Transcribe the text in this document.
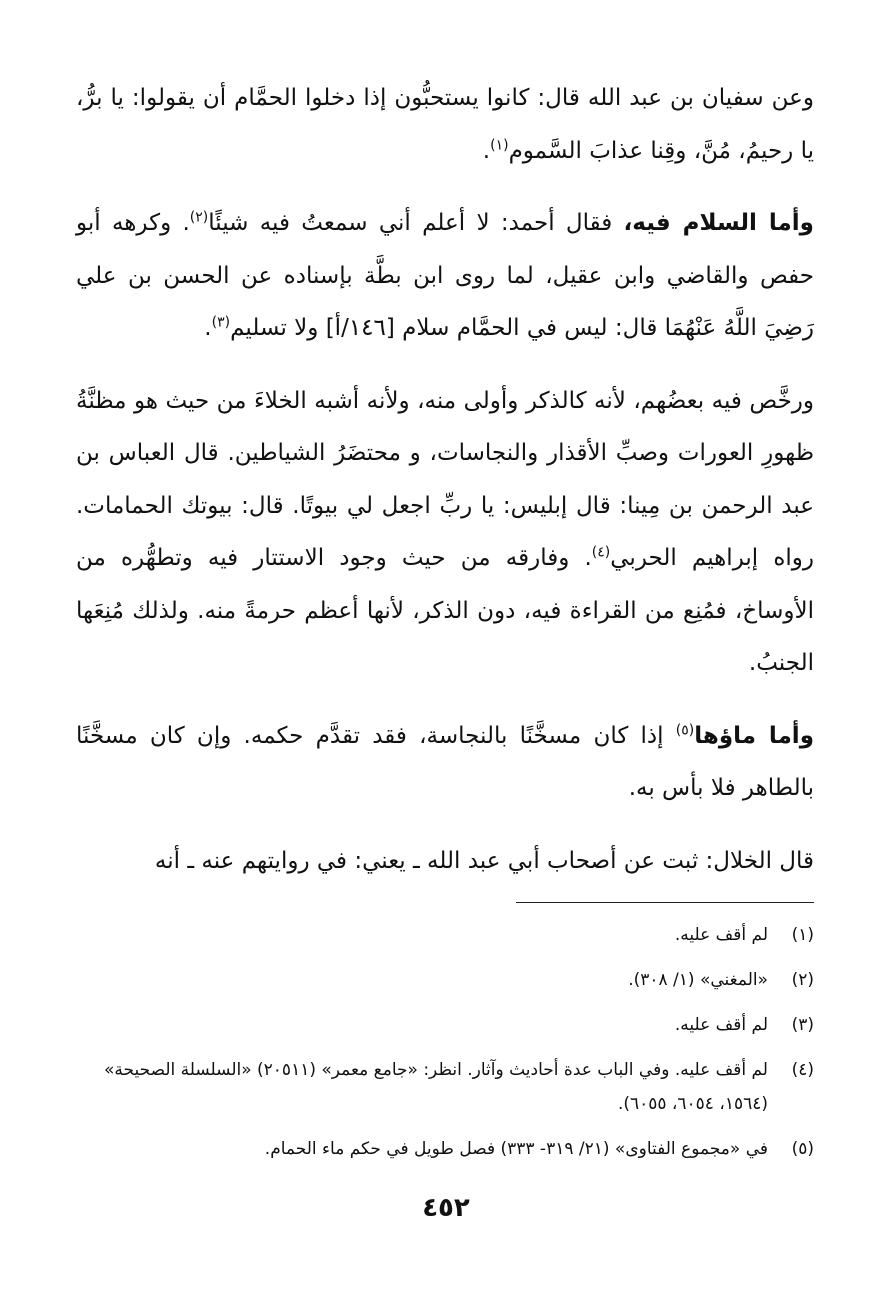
وعن سفيان بن عبد الله قال: كانوا يستحبُّون إذا دخلوا الحمَّام أن يقولوا: يا برُّ، يا رحيمُ، مُنَّ، وقِنا عذابَ السَّموم$^{(١)}$.

وأما السلام فيه، فقال أحمد: لا أعلم أني سمعتُ فيه شيئًا$^{(٢)}$. وكرهه أبو حفص والقاضي وابن عقيل، لما روى ابن بطَّة بإسناده عن الحسن بن علي رَضِيَ اللَّهُ عَنْهُمَا قال: ليس في الحمَّام سلام [١٤٦/أ] ولا تسليم$^{(٣)}$.

ورخَّص فيه بعضُهم، لأنه كالذكر وأولى منه، ولأنه أشبه الخلاءَ من حيث هو مظنَّةُ ظهورِ العورات وصبِّ الأقذار والنجاسات، و محتضَرُ الشياطين. قال العباس بن عبد الرحمن بن مِينا: قال إبليس: يا ربِّ اجعل لي بيوتًا. قال: بيوتك الحمامات. رواه إبراهيم الحربي$^{(٤)}$. وفارقه من حيث وجود الاستتار فيه وتطهُّره من الأوساخ، فمُنِع من القراءة فيه، دون الذكر، لأنها أعظم حرمةً منه. ولذلك مُنِعَها الجنبُ.

وأما ماؤها$^{(٥)}$ إذا كان مسخَّنًا بالنجاسة، فقد تقدَّم حكمه. وإن كان مسخَّنًا بالطاهر فلا بأس به.

قال الخلال: ثبت عن أصحاب أبي عبد الله ـ يعني: في روايتهم عنه ـ أنه

(١)
لم أقف عليه.
(٢)
«المغني» (١/ ٣٠٨).
(٣)
لم أقف عليه.
(٤)
لم أقف عليه. وفي الباب عدة أحاديث وآثار. انظر: «جامع معمر» (٢٠٥١١) «السلسلة الصحيحة» (١٥٦٤، ٦٠٥٤، ٦٠٥٥).
(٥)
في «مجموع الفتاوى» (٢١/ ٣١٩- ٣٣٣) فصل طويل في حكم ماء الحمام.
٤٥٢
